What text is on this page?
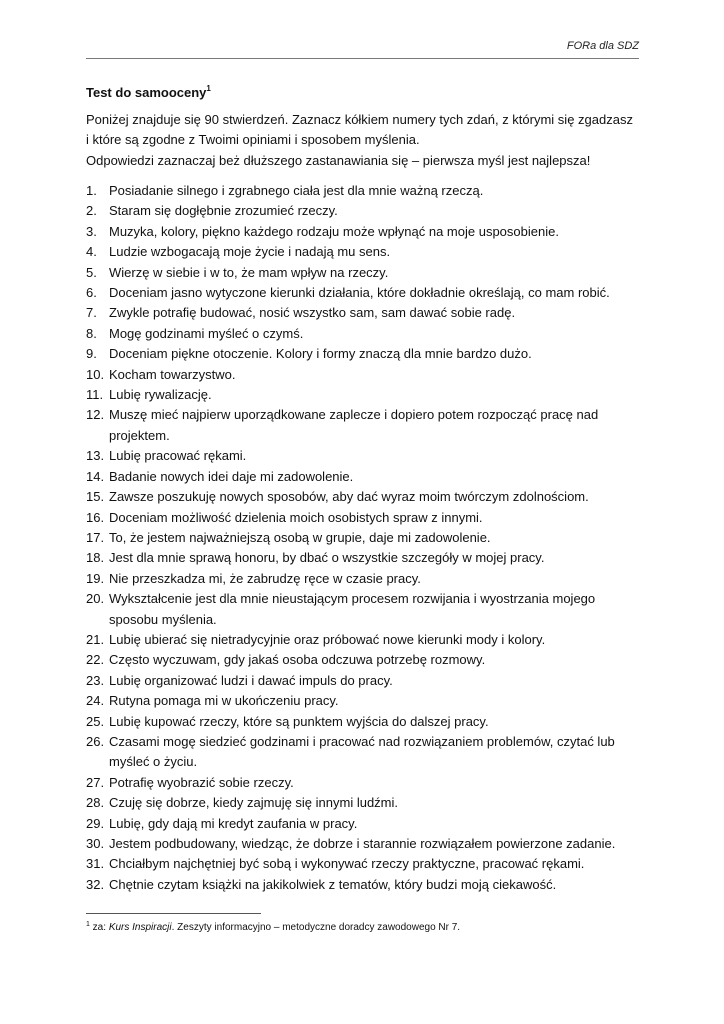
FORa dla SDZ
Test do samooceny$^1$

Poniżej znajduje się 90 stwierdzeń. Zaznacz kółkiem numery tych zdań, z którymi się zgadzasz

i które są zgodne z Twoimi opiniami i sposobem myślenia.

Odpowiedzi zaznaczaj beż dłuższego zastanawiania się – pierwsza myśl jest najlepsza!

1. Posiadanie silnego i zgrabnego ciała jest dla mnie ważną rzeczą.
2. Staram się dogłębnie zrozumieć rzeczy.
3. Muzyka, kolory, piękno każdego rodzaju może wpłynąć na moje usposobienie.
4. Ludzie wzbogacają moje życie i nadają mu sens.
5. Wierzę w siebie i w to, że mam wpływ na rzeczy.
6. Doceniam jasno wytyczone kierunki działania, które dokładnie określają, co mam robić.
7. Zwykle potrafię budować, nosić wszystko sam, sam dawać sobie radę.
8. Mogę godzinami myśleć o czymś.
9. Doceniam piękne otoczenie. Kolory i formy znaczą dla mnie bardzo dużo.
10. Kocham towarzystwo.
11. Lubię rywalizację.
12. Muszę mieć najpierw uporządkowane zaplecze i dopiero potem rozpocząć pracę nad projektem.
13. Lubię pracować rękami.
14. Badanie nowych idei daje mi zadowolenie.
15. Zawsze poszukuję nowych sposobów, aby dać wyraz moim twórczym zdolnościom.
16. Doceniam możliwość dzielenia moich osobistych spraw z innymi.
17. To, że jestem najważniejszą osobą w grupie, daje mi zadowolenie.
18. Jest dla mnie sprawą honoru, by dbać o wszystkie szczegóły w mojej pracy.
19. Nie przeszkadza mi, że zabrudzę ręce w czasie pracy.
20. Wykształcenie jest dla mnie nieustającym procesem rozwijania i wyostrzania mojego sposobu myślenia.
21. Lubię ubierać się nietradycyjnie oraz próbować nowe kierunki mody i kolory.
22. Często wyczuwam, gdy jakaś osoba odczuwa potrzebę rozmowy.
23. Lubię organizować ludzi i dawać impuls do pracy.
24. Rutyna pomaga mi w ukończeniu pracy.
25. Lubię kupować rzeczy, które są punktem wyjścia do dalszej pracy.
26. Czasami mogę siedzieć godzinami i pracować nad rozwiązaniem problemów, czytać lub myśleć o życiu.
27. Potrafię wyobrazić sobie rzeczy.
28. Czuję się dobrze, kiedy zajmuję się innymi ludźmi.
29. Lubię, gdy dają mi kredyt zaufania w pracy.
30. Jestem podbudowany, wiedząc, że dobrze i starannie rozwiązałem powierzone zadanie.
31. Chciałbym najchętniej być sobą i wykonywać rzeczy praktyczne, pracować rękami.
32. Chętnie czytam książki na jakikolwiek z tematów, który budzi moją ciekawość.
$^1$ za: Kurs Inspiracji. Zeszyty informacyjno – metodyczne doradcy zawodowego Nr 7.
